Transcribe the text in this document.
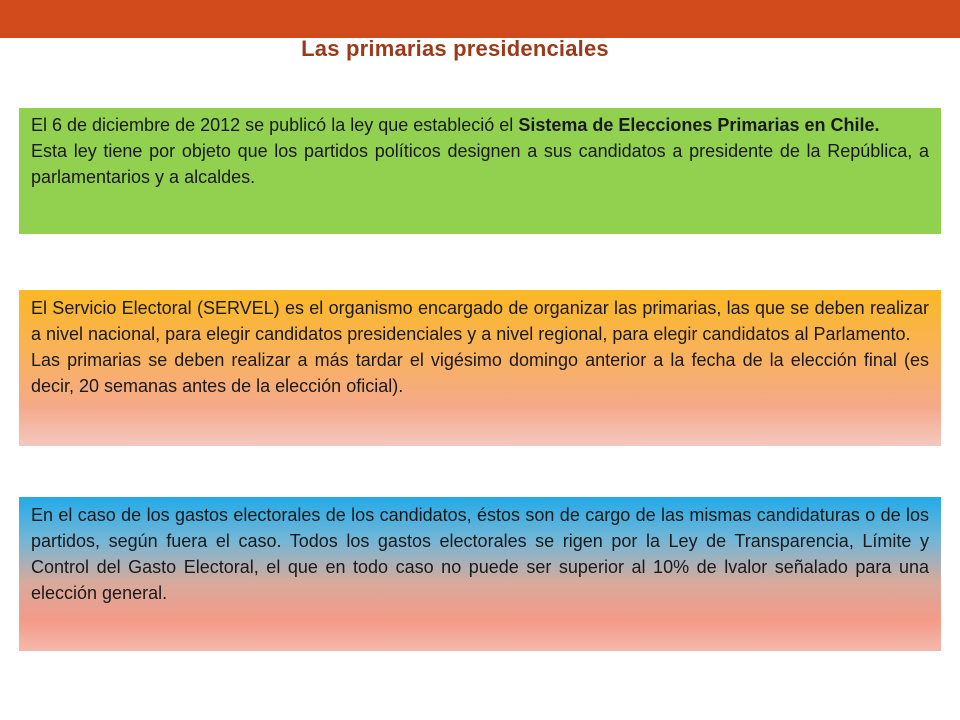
Las primarias presidenciales

El 6 de diciembre de 2012 se publicó la ley que estableció el Sistema de Elecciones Primarias en Chile.

Esta ley tiene por objeto que los partidos políticos designen a sus candidatos a presidente de la República, a parlamentarios y a alcaldes.

El Servicio Electoral (SERVEL) es el organismo encargado de organizar las primarias, las que se deben realizar a nivel nacional, para elegir candidatos presidenciales y a nivel regional, para elegir candidatos al Parlamento.

Las primarias se deben realizar a más tardar el vigésimo domingo anterior a la fecha de la elección final (es decir, 20 semanas antes de la elección oficial).

En el caso de los gastos electorales de los candidatos, éstos son de cargo de las mismas candidaturas o de los partidos, según fuera el caso. Todos los gastos electorales se rigen por la Ley de Transparencia, Límite y Control del Gasto Electoral, el que en todo caso no puede ser superior al 10% de lvalor señalado para una elección general.
